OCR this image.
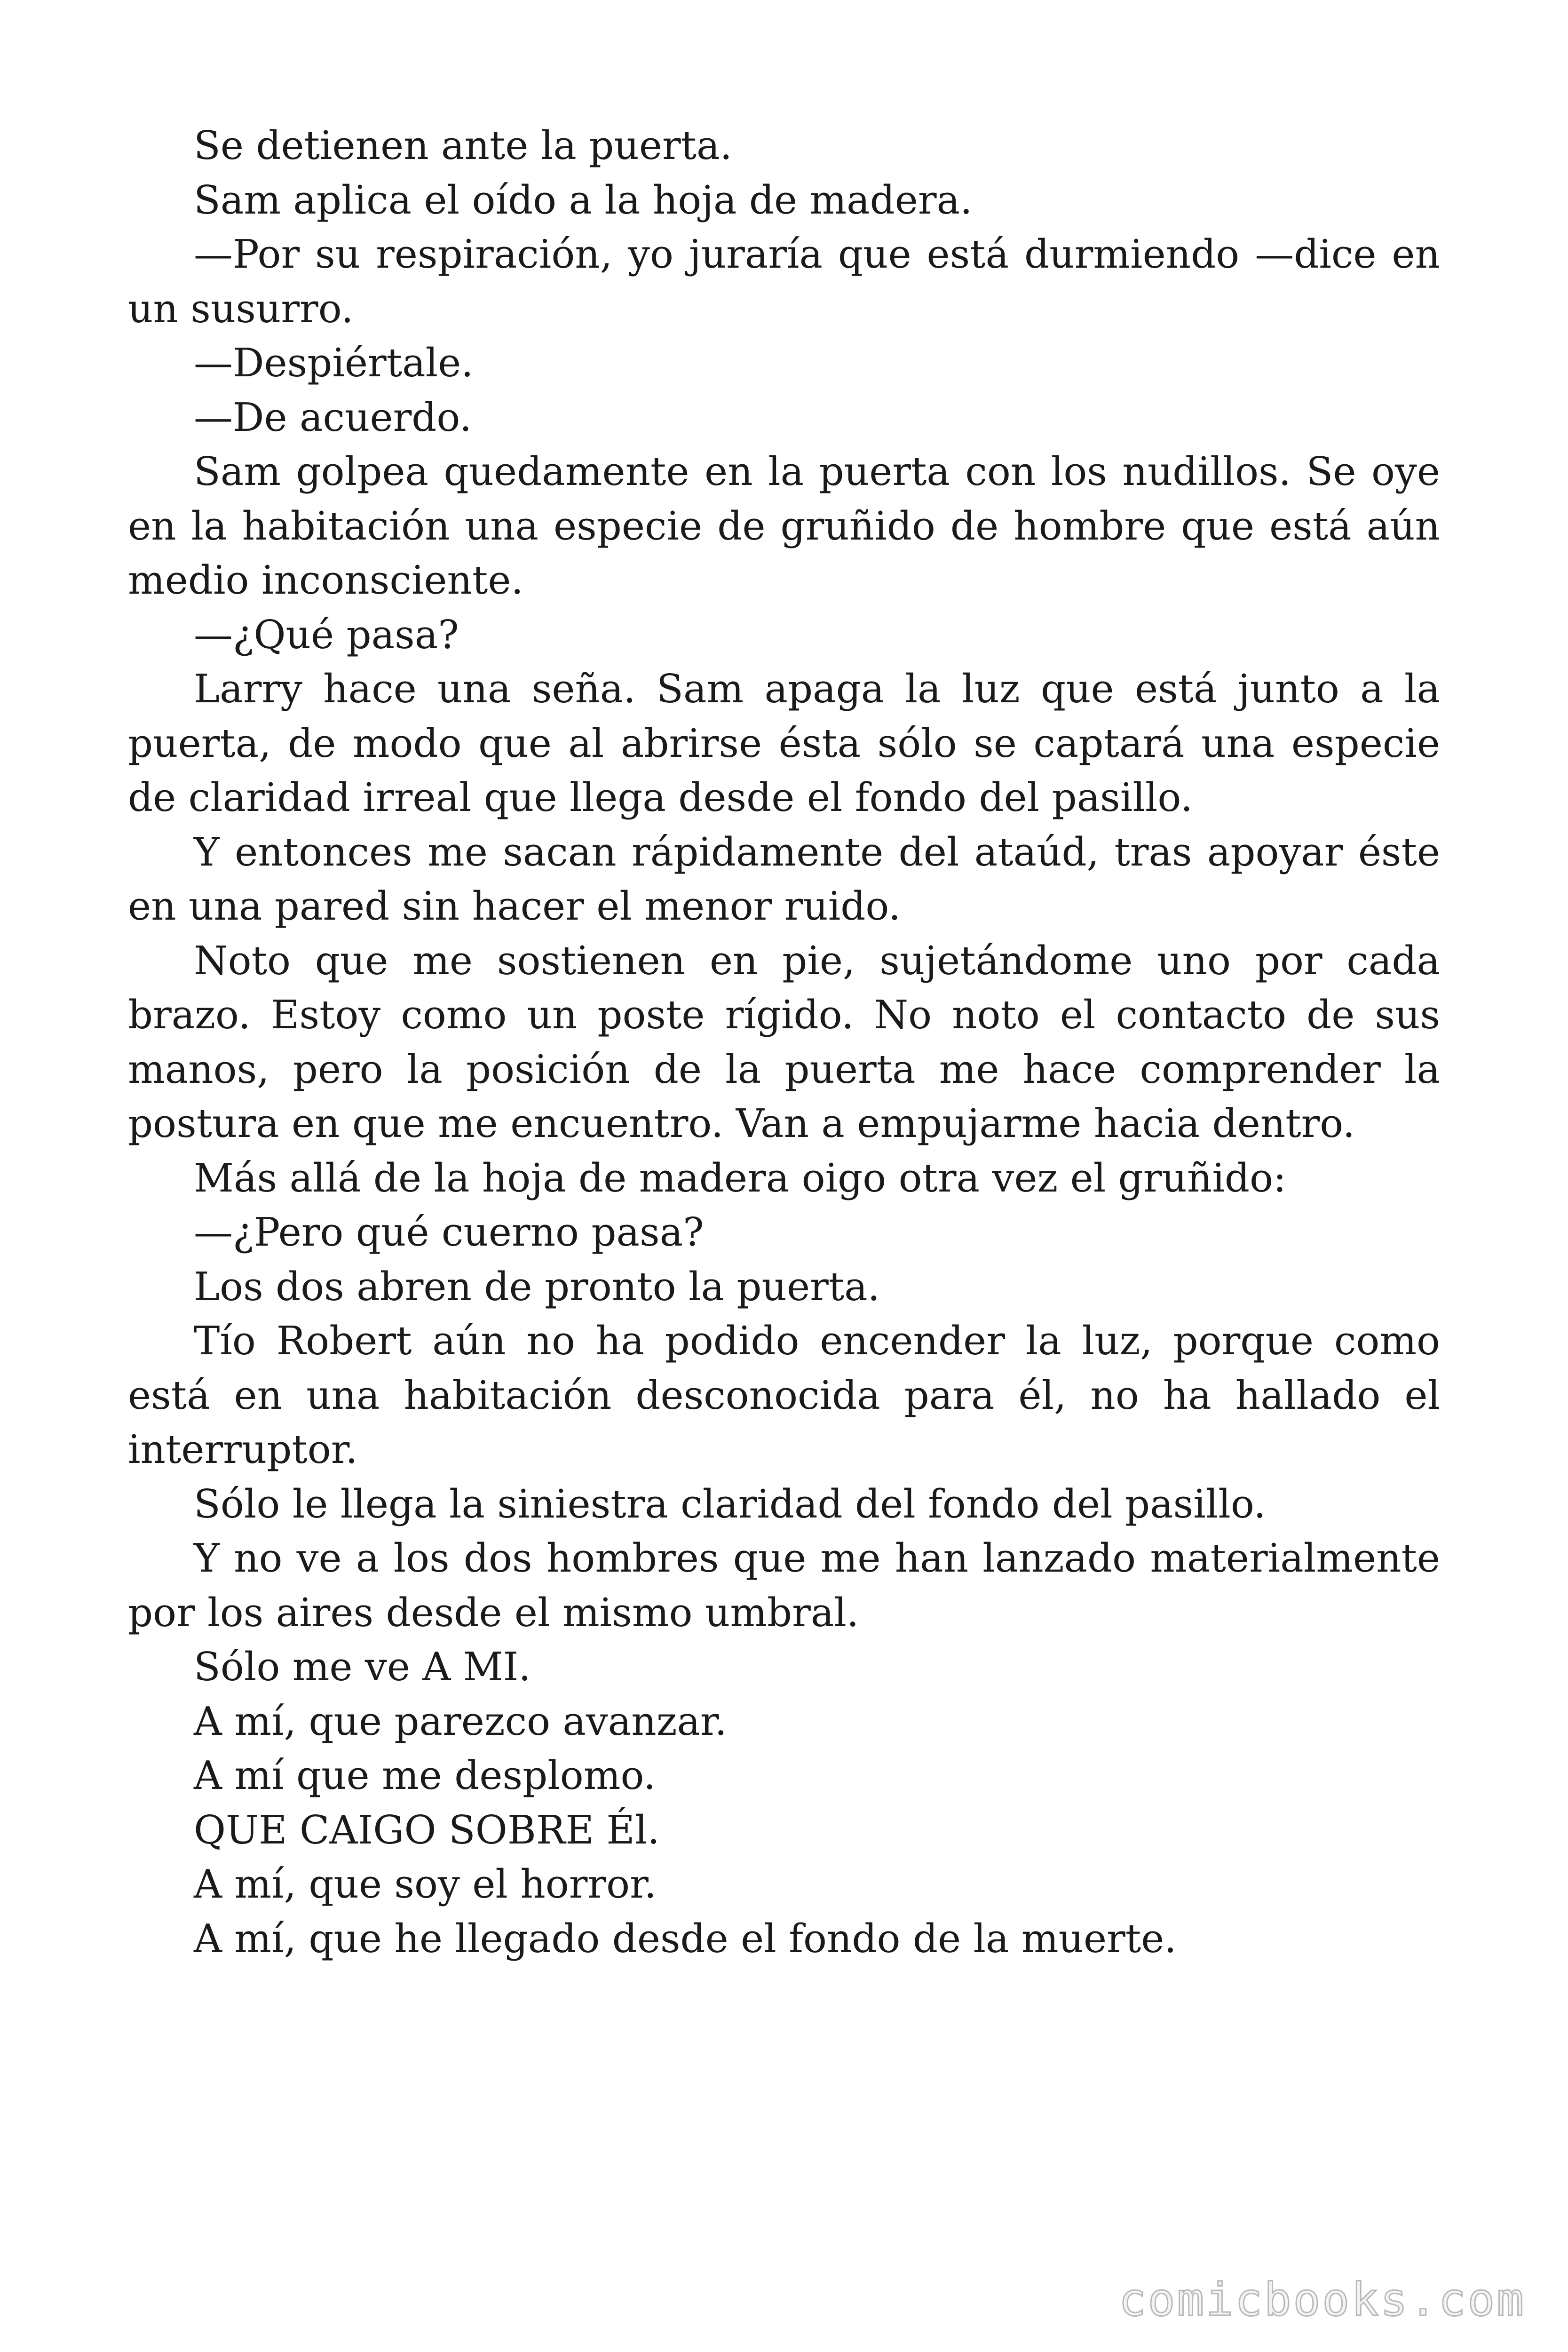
Se detienen ante la puerta.

Sam aplica el oído a la hoja de madera.

—Por su respiración, yo juraría que está durmiendo —dice en un susurro.

—Despiértale.

—De acuerdo.

Sam golpea quedamente en la puerta con los nudillos. Se oye en la habitación una especie de gruñido de hombre que está aún medio inconsciente.

—¿Qué pasa?

Larry hace una seña. Sam apaga la luz que está junto a la puerta, de modo que al abrirse ésta sólo se captará una especie de claridad irreal que llega desde el fondo del pasillo.

Y entonces me sacan rápidamente del ataúd, tras apoyar éste en una pared sin hacer el menor ruido.

Noto que me sostienen en pie, sujetándome uno por cada brazo. Estoy como un poste rígido. No noto el contacto de sus manos, pero la posición de la puerta me hace comprender la postura en que me encuentro. Van a empujarme hacia dentro.

Más allá de la hoja de madera oigo otra vez el gruñido:

—¿Pero qué cuerno pasa?

Los dos abren de pronto la puerta.

Tío Robert aún no ha podido encender la luz, porque como está en una habitación desconocida para él, no ha hallado el interruptor.

Sólo le llega la siniestra claridad del fondo del pasillo.

Y no ve a los dos hombres que me han lanzado materialmente por los aires desde el mismo umbral.

Sólo me ve A MI.

A mí, que parezco avanzar.

A mí que me desplomo.

QUE CAIGO SOBRE Él.

A mí, que soy el horror.

A mí, que he llegado desde el fondo de la muerte.

comicbooks.com
